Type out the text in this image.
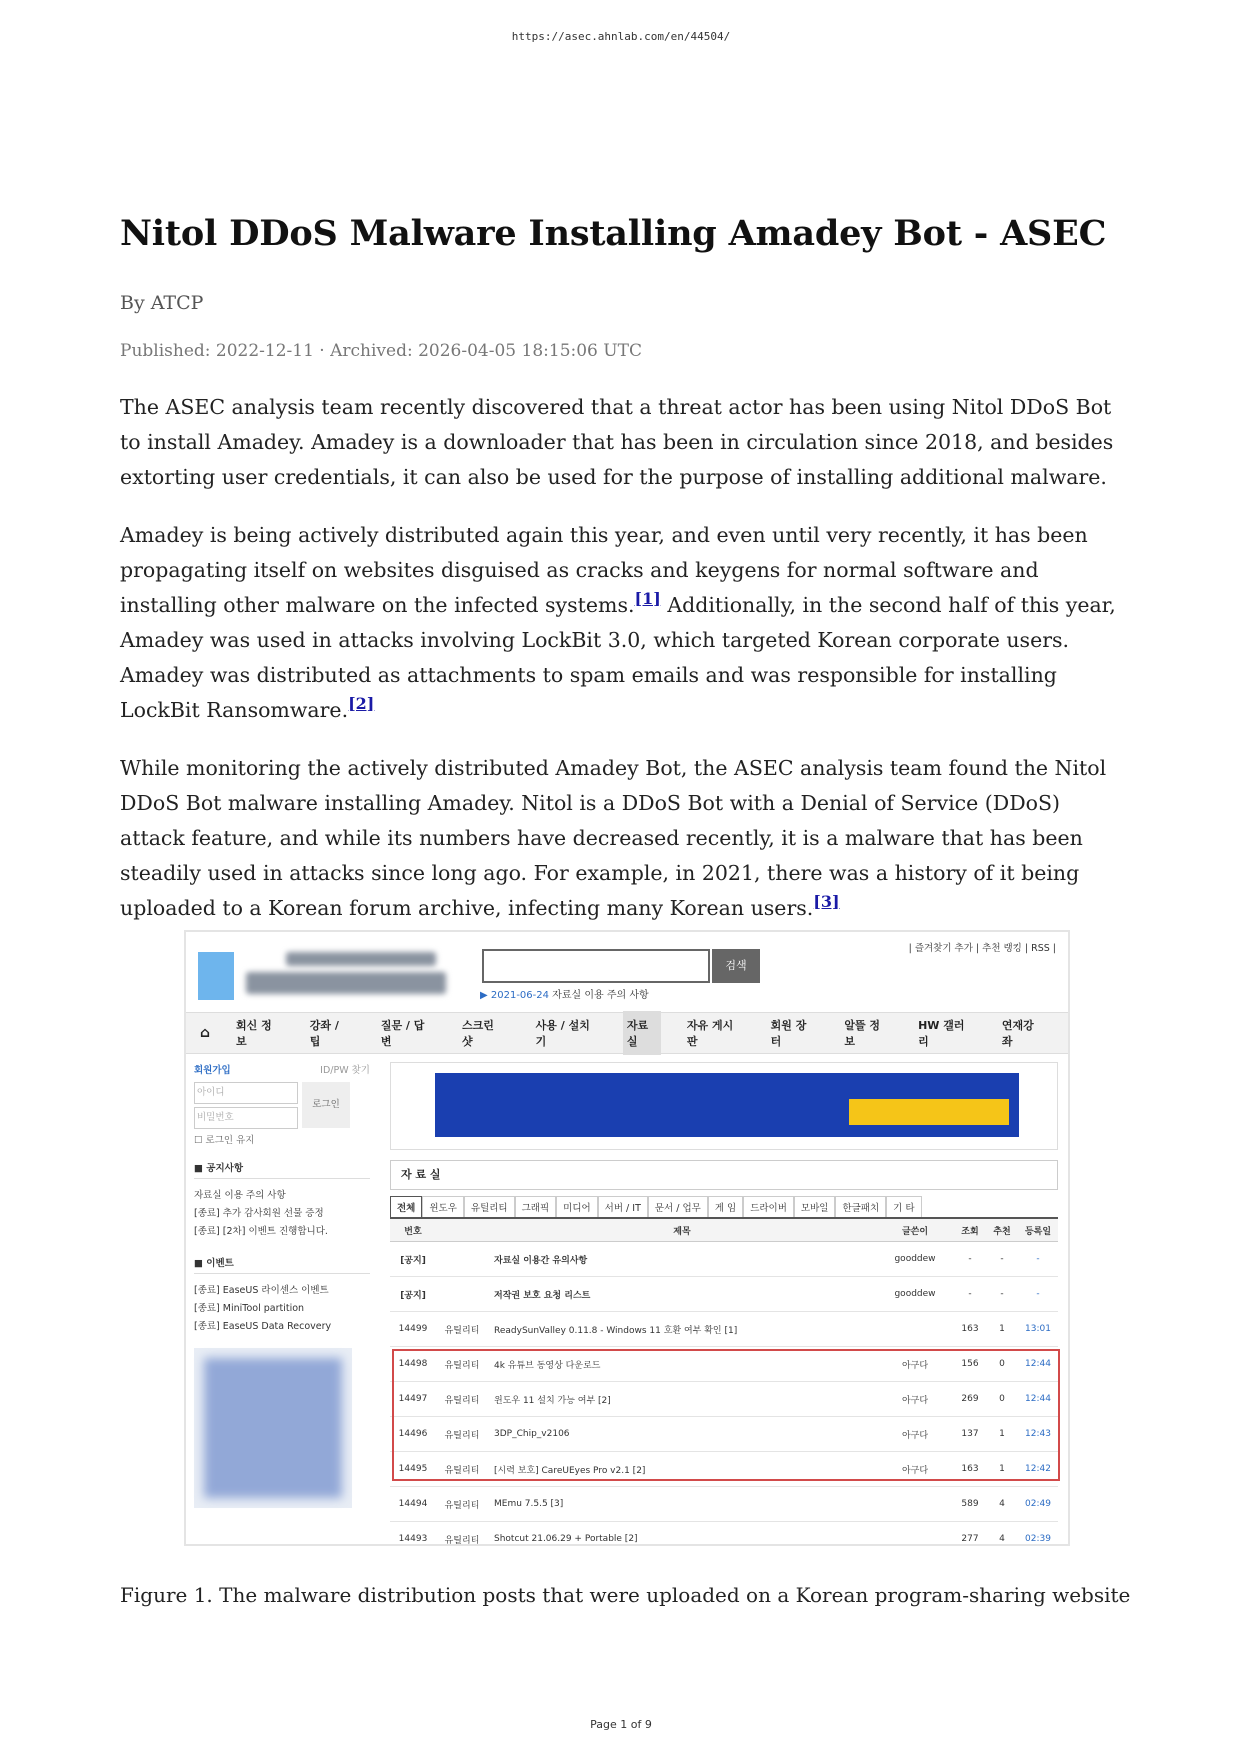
https://asec.ahnlab.com/en/44504/
Nitol DDoS Malware Installing Amadey Bot - ASEC
By ATCP
Published: 2022-12-11 · Archived: 2026-04-05 18:15:06 UTC

The ASEC analysis team recently discovered that a threat actor has been using Nitol DDoS Bot to install Amadey. Amadey is a downloader that has been in circulation since 2018, and besides extorting user credentials, it can also be used for the purpose of installing additional malware.

Amadey is being actively distributed again this year, and even until very recently, it has been propagating itself on websites disguised as cracks and keygens for normal software and installing other malware on the infected systems.[1] Additionally, in the second half of this year, Amadey was used in attacks involving LockBit 3.0, which targeted Korean corporate users. Amadey was distributed as attachments to spam emails and was responsible for installing LockBit Ransomware.[2]

While monitoring the actively distributed Amadey Bot, the ASEC analysis team found the Nitol DDoS Bot malware installing Amadey. Nitol is a DDoS Bot with a Denial of Service (DDoS) attack feature, and while its numbers have decreased recently, it is a malware that has been steadily used in attacks since long ago. For example, in 2021, there was a history of it being uploaded to a Korean forum archive, infecting many Korean users.[3]

검색
▶ 2021-06-24 자료실 이용 주의 사항
| 즐겨찾기 추가 | 추천 랭킹 | RSS |
⌂	회신 정보
강좌 / 팁
질문 / 답변
스크린 샷
사용 / 설치기
자료실
자유 게시판
회원 장터
알뜰 정보
HW 갤러리
연재강좌
회원가입	ID/PW 찾기
아이디
비밀번호
로그인
☐ 로그인 유지
■ 공지사항
자료실 이용 주의 사항
[종료] 추가 감사회원 선물 증정
[종료] [2차] 이벤트 진행합니다.
■ 이벤트
[종료] EaseUS 라이센스 이벤트
[종료] MiniTool partition
[종료] EaseUS Data Recovery
자 료 실
전체	윈도우	유틸리티	그래픽	미디어	서버 / IT	문서 / 업무	게 임	드라이버	모바일	한글패치	기 타
번호		제목	글쓴이	조회	추천	등록일
[공지]		자료실 이용간 유의사항	gooddew	-	-	-
[공지]		저작권 보호 요청 리스트	gooddew	-	-	-
14499	유틸리티	ReadySunValley 0.11.8 - Windows 11 호환 여부 확인 [1]		163	1	13:01
14498	유틸리티	4k 유튜브 동영상 다운로드	아구다	156	0	12:44
14497	유틸리티	윈도우 11 설치 가능 여부 [2]	아구다	269	0	12:44
14496	유틸리티	3DP_Chip_v2106	아구다	137	1	12:43
14495	유틸리티	[시력 보호] CareUEyes Pro v2.1 [2]	아구다	163	1	12:42
14494	유틸리티	MEmu 7.5.5 [3]		589	4	02:49
14493	유틸리티	Shotcut 21.06.29 + Portable [2]		277	4	02:39
Figure 1. The malware distribution posts that were uploaded on a Korean program-sharing website
Page 1 of 9
